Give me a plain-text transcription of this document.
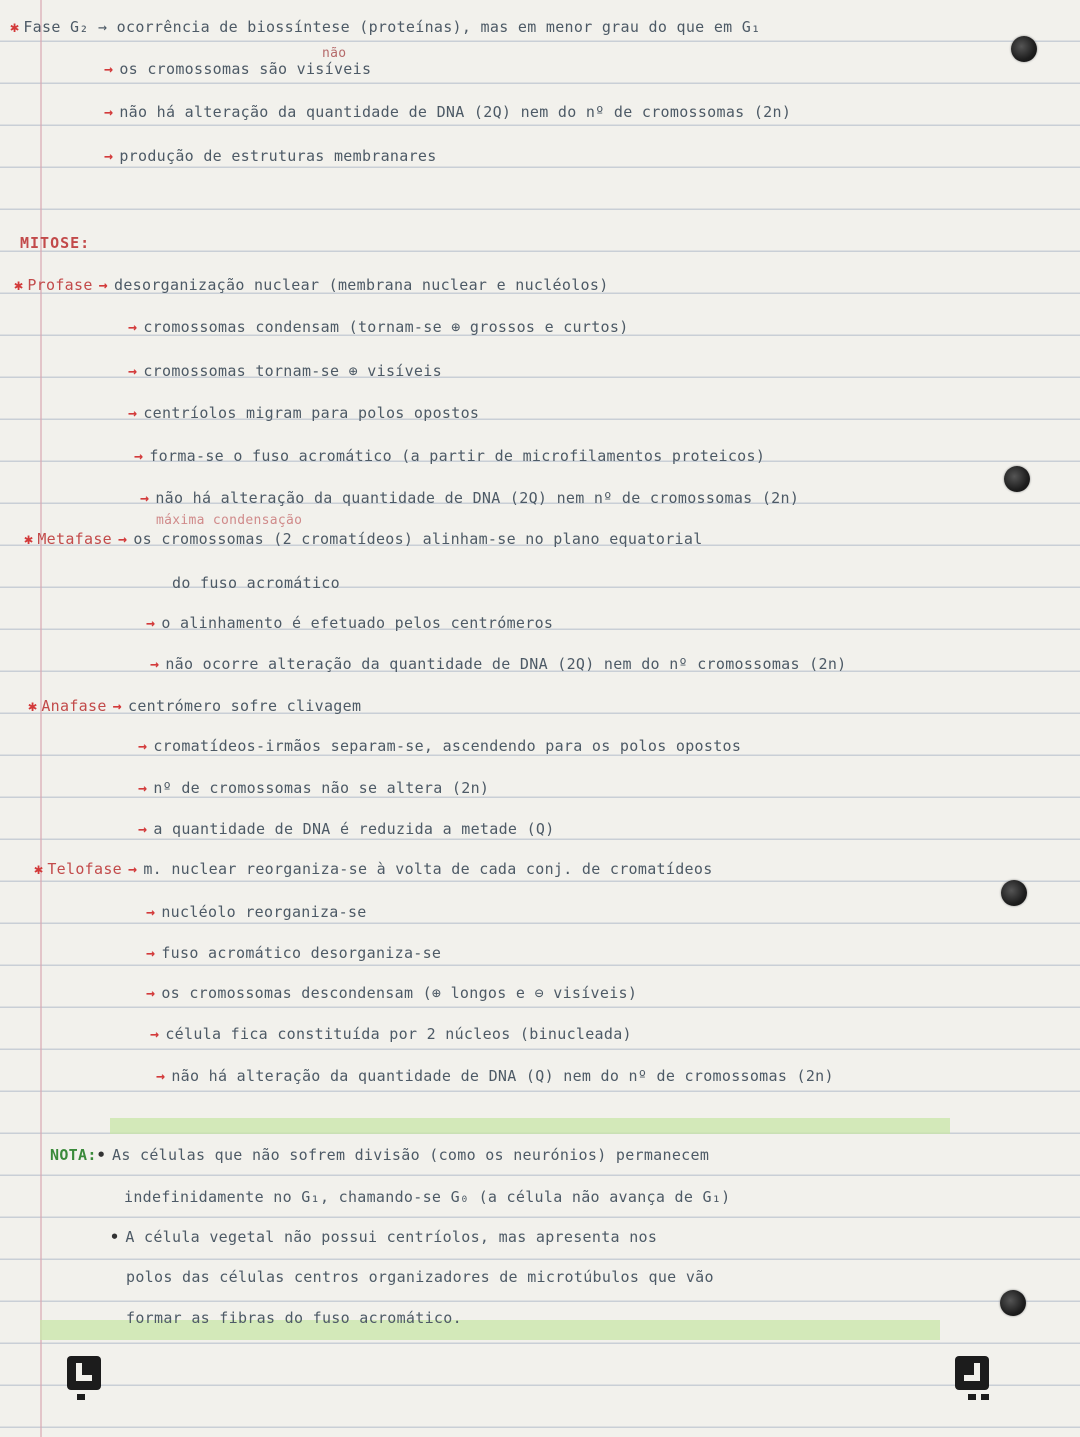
✱ Fase G₂ → ocorrência de biossíntese (proteínas), mas em menor grau do que em G₁
não
→ os cromossomas são visíveis
→ não há alteração da quantidade de DNA (2Q) nem do nº de cromossomas (2n)
→ produção de estruturas membranares
MITOSE:
✱ Profase → desorganização nuclear (membrana nuclear e nucléolos)
→ cromossomas condensam (tornam-se ⊕ grossos e curtos)
→ cromossomas tornam-se ⊕ visíveis
→ centríolos migram para polos opostos
→ forma-se o fuso acromático (a partir de microfilamentos proteicos)
→ não há alteração da quantidade de DNA (2Q) nem nº de cromossomas (2n)
máxima condensação
✱ Metafase → os cromossomas (2 cromatídeos) alinham-se no plano equatorial
do fuso acromático
→ o alinhamento é efetuado pelos centrómeros
→ não ocorre alteração da quantidade de DNA (2Q) nem do nº cromossomas (2n)
✱ Anafase → centrómero sofre clivagem
→ cromatídeos-irmãos separam-se, ascendendo para os polos opostos
→ nº de cromossomas não se altera (2n)
→ a quantidade de DNA é reduzida a metade (Q)
✱ Telofase → m. nuclear reorganiza-se à volta de cada conj. de cromatídeos
→ nucléolo reorganiza-se
→ fuso acromático desorganiza-se
→ os cromossomas descondensam (⊕ longos e ⊖ visíveis)
→ célula fica constituída por 2 núcleos (binucleada)
→ não há alteração da quantidade de DNA (Q) nem do nº de cromossomas (2n)
NOTA:• As células que não sofrem divisão (como os neurónios) permanecem
indefinidamente no G₁, chamando-se G₀ (a célula não avança de G₁)
• A célula vegetal não possui centríolos, mas apresenta nos
polos das células centros organizadores de microtúbulos que vão
formar as fibras do fuso acromático.
